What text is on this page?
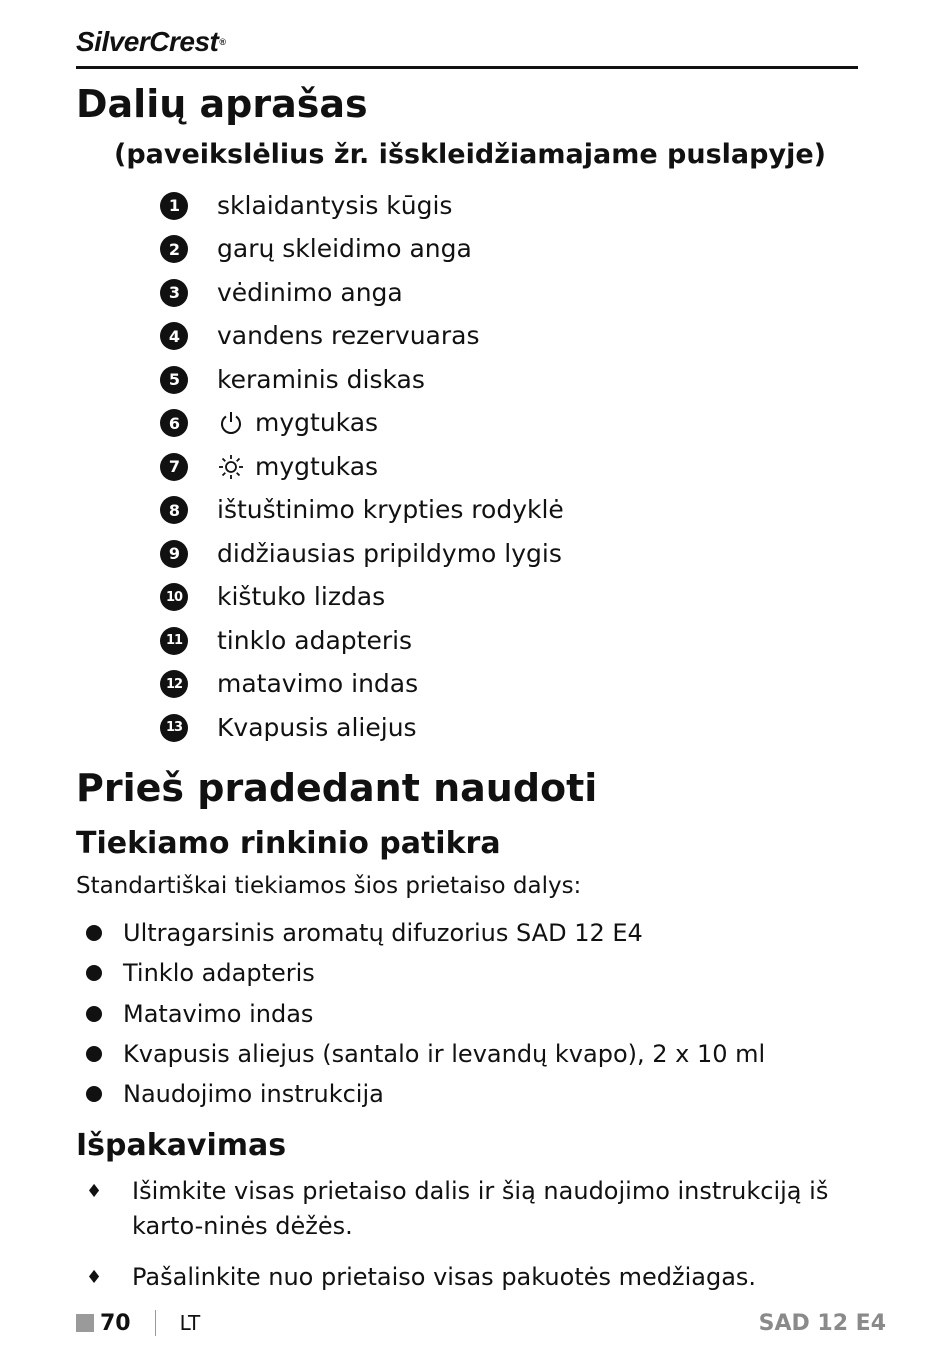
SilverCrest®
Dalių aprašas
(paveikslėlius žr. išskleidžiamajame puslapyje)
1	sklaidantysis kūgis
2	garų skleidimo anga
3	vėdinimo anga
4	vandens rezervuaras
5	keraminis diskas
6	mygtukas
7	mygtukas
8	ištuštinimo krypties rodyklė
9	didžiausias pripildymo lygis
10 kištuko lizdas
11 tinklo adapteris
12 matavimo indas
13 Kvapusis aliejus
Prieš pradedant naudoti
Tiekiamo rinkinio patikra
Standartiškai tiekiamos šios prietaiso dalys:
Ultragarsinis aromatų difuzorius SAD 12 E4
Tinklo adapteris
Matavimo indas
Kvapusis aliejus (santalo ir levandų kvapo), 2 x 10 ml
Naudojimo instrukcija
Išpakavimas
♦	Išimkite visas prietaiso dalis ir šią naudojimo instrukciją iš karto-ninės dėžės.
♦	Pašalinkite nuo prietaiso visas pakuotės medžiagas.
70 LT	SAD 12 E4
